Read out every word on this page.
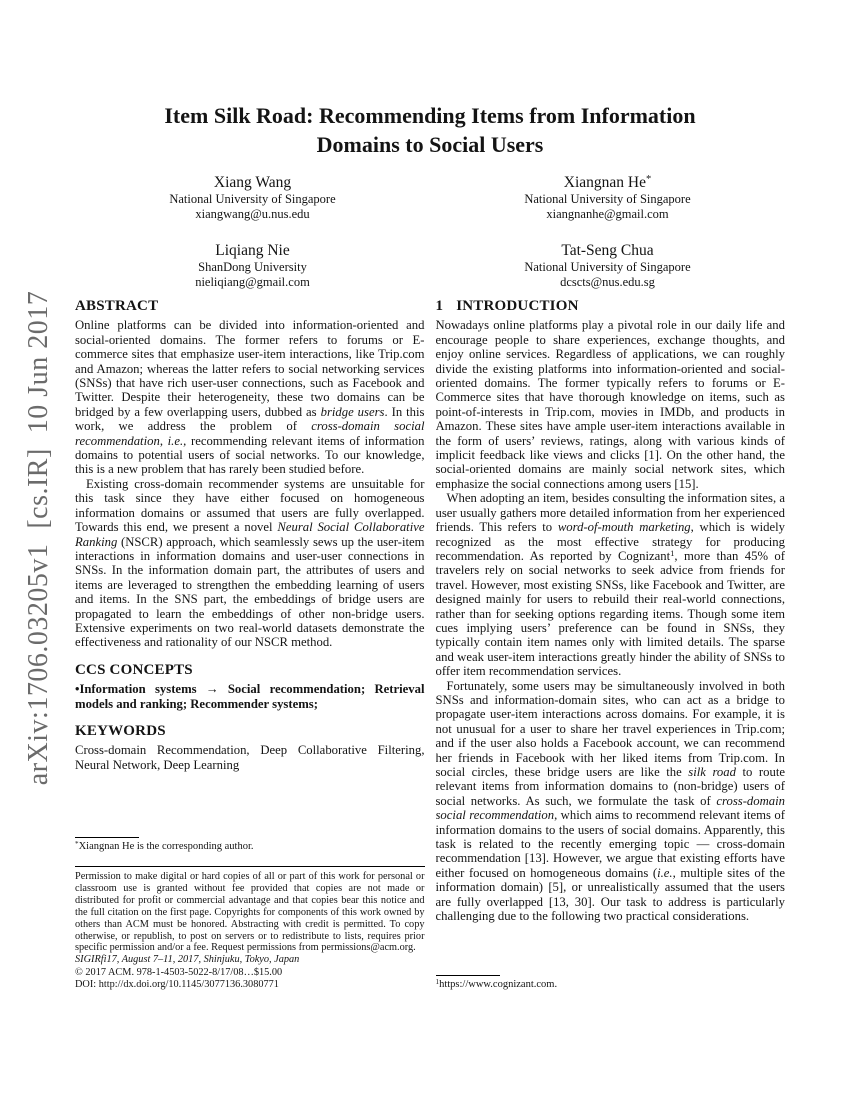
arXiv:1706.03205v1  [cs.IR]  10 Jun 2017
Item Silk Road: Recommending Items from Information
Domains to Social Users
Xiang Wang
National University of Singapore
xiangwang@u.nus.edu
Xiangnan He*
National University of Singapore
xiangnanhe@gmail.com
Liqiang Nie
ShanDong University
nieliqiang@gmail.com
Tat-Seng Chua
National University of Singapore
dcscts@nus.edu.sg
ABSTRACT

Online platforms can be divided into information-oriented and social-oriented domains. The former refers to forums or E-commerce sites that emphasize user-item interactions, like Trip.com and Amazon; whereas the latter refers to social networking services (SNSs) that have rich user-user connections, such as Facebook and Twitter. Despite their heterogeneity, these two domains can be bridged by a few overlapping users, dubbed as bridge users. In this work, we address the problem of cross-domain social recommendation, i.e., recommending relevant items of information domains to potential users of social networks. To our knowledge, this is a new problem that has rarely been studied before.

Existing cross-domain recommender systems are unsuitable for this task since they have either focused on homogeneous information domains or assumed that users are fully overlapped. Towards this end, we present a novel Neural Social Collaborative Ranking (NSCR) approach, which seamlessly sews up the user-item interactions in information domains and user-user connections in SNSs. In the information domain part, the attributes of users and items are leveraged to strengthen the embedding learning of users and items. In the SNS part, the embeddings of bridge users are propagated to learn the embeddings of other non-bridge users. Extensive experiments on two real-world datasets demonstrate the effectiveness and rationality of our NSCR method.

CCS CONCEPTS

•Information systems → Social recommendation; Retrieval models and ranking; Recommender systems;

KEYWORDS

Cross-domain Recommendation, Deep Collaborative Filtering, Neural Network, Deep Learning

*Xiangnan He is the corresponding author.

Permission to make digital or hard copies of all or part of this work for personal or classroom use is granted without fee provided that copies are not made or distributed for profit or commercial advantage and that copies bear this notice and the full citation on the first page. Copyrights for components of this work owned by others than ACM must be honored. Abstracting with credit is permitted. To copy otherwise, or republish, to post on servers or to redistribute to lists, requires prior specific permission and/or a fee. Request permissions from permissions@acm.org.

SIGIRfi17, August 7–11, 2017, Shinjuku, Tokyo, Japan
© 2017 ACM. 978-1-4503-5022-8/17/08…$15.00
DOI: http://dx.doi.org/10.1145/3077136.3080771
1 INTRODUCTION

Nowadays online platforms play a pivotal role in our daily life and encourage people to share experiences, exchange thoughts, and enjoy online services. Regardless of applications, we can roughly divide the existing platforms into information-oriented and social-oriented domains. The former typically refers to forums or E-Commerce sites that have thorough knowledge on items, such as point-of-interests in Trip.com, movies in IMDb, and products in Amazon. These sites have ample user-item interactions available in the form of users’ reviews, ratings, along with various kinds of implicit feedback like views and clicks [1]. On the other hand, the social-oriented domains are mainly social network sites, which emphasize the social connections among users [15].

When adopting an item, besides consulting the information sites, a user usually gathers more detailed information from her experienced friends. This refers to word-of-mouth marketing, which is widely recognized as the most effective strategy for producing recommendation. As reported by Cognizant$^1$, more than 45% of travelers rely on social networks to seek advice from friends for travel. However, most existing SNSs, like Facebook and Twitter, are designed mainly for users to rebuild their real-world connections, rather than for seeking options regarding items. Though some item cues implying users’ preference can be found in SNSs, they typically contain item names only with limited details. The sparse and weak user-item interactions greatly hinder the ability of SNSs to offer item recommendation services.

Fortunately, some users may be simultaneously involved in both SNSs and information-domain sites, who can act as a bridge to propagate user-item interactions across domains. For example, it is not unusual for a user to share her travel experiences in Trip.com; and if the user also holds a Facebook account, we can recommend her friends in Facebook with her liked items from Trip.com. In social circles, these bridge users are like the silk road to route relevant items from information domains to (non-bridge) users of social networks. As such, we formulate the task of cross-domain social recommendation, which aims to recommend relevant items of information domains to the users of social domains. Apparently, this task is related to the recently emerging topic — cross-domain recommendation [13]. However, we argue that existing efforts have either focused on homogeneous domains (i.e., multiple sites of the information domain) [5], or unrealistically assumed that the users are fully overlapped [13, 30]. Our task to address is particularly challenging due to the following two practical considerations.

$^1$https://www.cognizant.com.
